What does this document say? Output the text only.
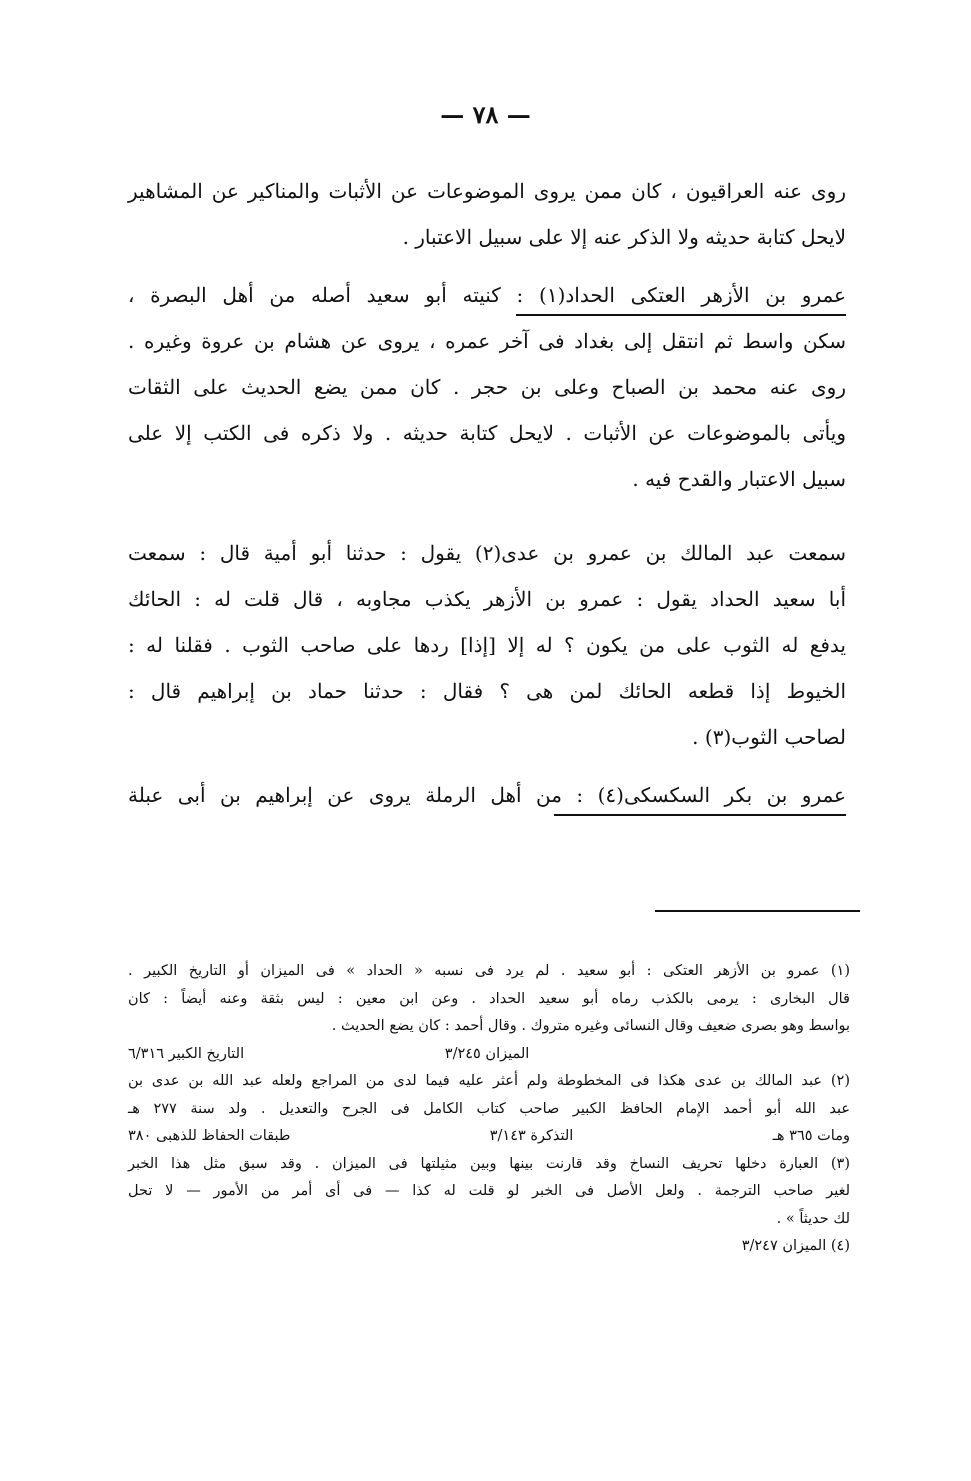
— ٧٨ —
روى عنه العراقيون ، كان ممن يروى الموضوعات عن الأثبات والمناكير عن المشاهير
لايحل كتابة حديثه ولا الذكر عنه إلا على سبيل الاعتبار .
عمرو بن الأزهر العتكى الحداد(١) : كنيته أبو سعيد أصله من أهل البصرة ،
سكن واسط ثم انتقل إلى بغداد فى آخر عمره ، يروى عن هشام بن عروة وغيره .
روى عنه محمد بن الصباح وعلى بن حجر . كان ممن يضع الحديث على الثقات
ويأتى بالموضوعات عن الأثبات . لايحل كتابة حديثه . ولا ذكره فى الكتب إلا على
سبيل الاعتبار والقدح فيه .
سمعت عبد المالك بن عمرو بن عدى(٢) يقول : حدثنا أبو أمية قال : سمعت
أبا سعيد الحداد يقول : عمرو بن الأزهر يكذب مجاوبه ، قال قلت له : الحائك
يدفع له الثوب على من يكون ؟ له إلا [إذا] ردها على صاحب الثوب . فقلنا له :
الخيوط إذا قطعه الحائك لمن هى ؟ فقال : حدثنا حماد بن إبراهيم قال :
لصاحب الثوب(٣) .
عمرو بن بكر السكسكى(٤) : من أهل الرملة يروى عن إبراهيم بن أبى عبلة
(١) عمرو بن الأزهر العتكى : أبو سعيد . لم يرد فى نسبه « الحداد » فى الميزان أو التاريخ الكبير .
قال البخارى : يرمى بالكذب رماه أبو سعيد الحداد . وعن ابن معين : ليس بثقة وعنه أيضاً : كان
بواسط وهو بصرى ضعيف وقال النسائى وغيره متروك . وقال أحمد : كان يضع الحديث .
الميزان ٣/٢٤٥
التاريخ الكبير ٦/٣١٦
(٢) عبد المالك بن عدى هكذا فى المخطوطة ولم أعثر عليه فيما لدى من المراجع ولعله عبد الله بن عدى بن
عبد الله أبو أحمد الإمام الحافظ الكبير صاحب كتاب الكامل فى الجرح والتعديل . ولد سنة ٢٧٧ هـ
ومات ٣٦٥ هـ
التذكرة ٣/١٤٣
طبقات الحفاظ للذهبى ٣٨٠
(٣) العبارة دخلها تحريف النساخ وقد قارنت بينها وبين مثيلتها فى الميزان . وقد سبق مثل هذا الخبر
لغير صاحب الترجمة . ولعل الأصل فى الخبر لو قلت له كذا — فى أى أمر من الأمور — لا تحل
لك حديثاً » .
(٤) الميزان ٣/٢٤٧
